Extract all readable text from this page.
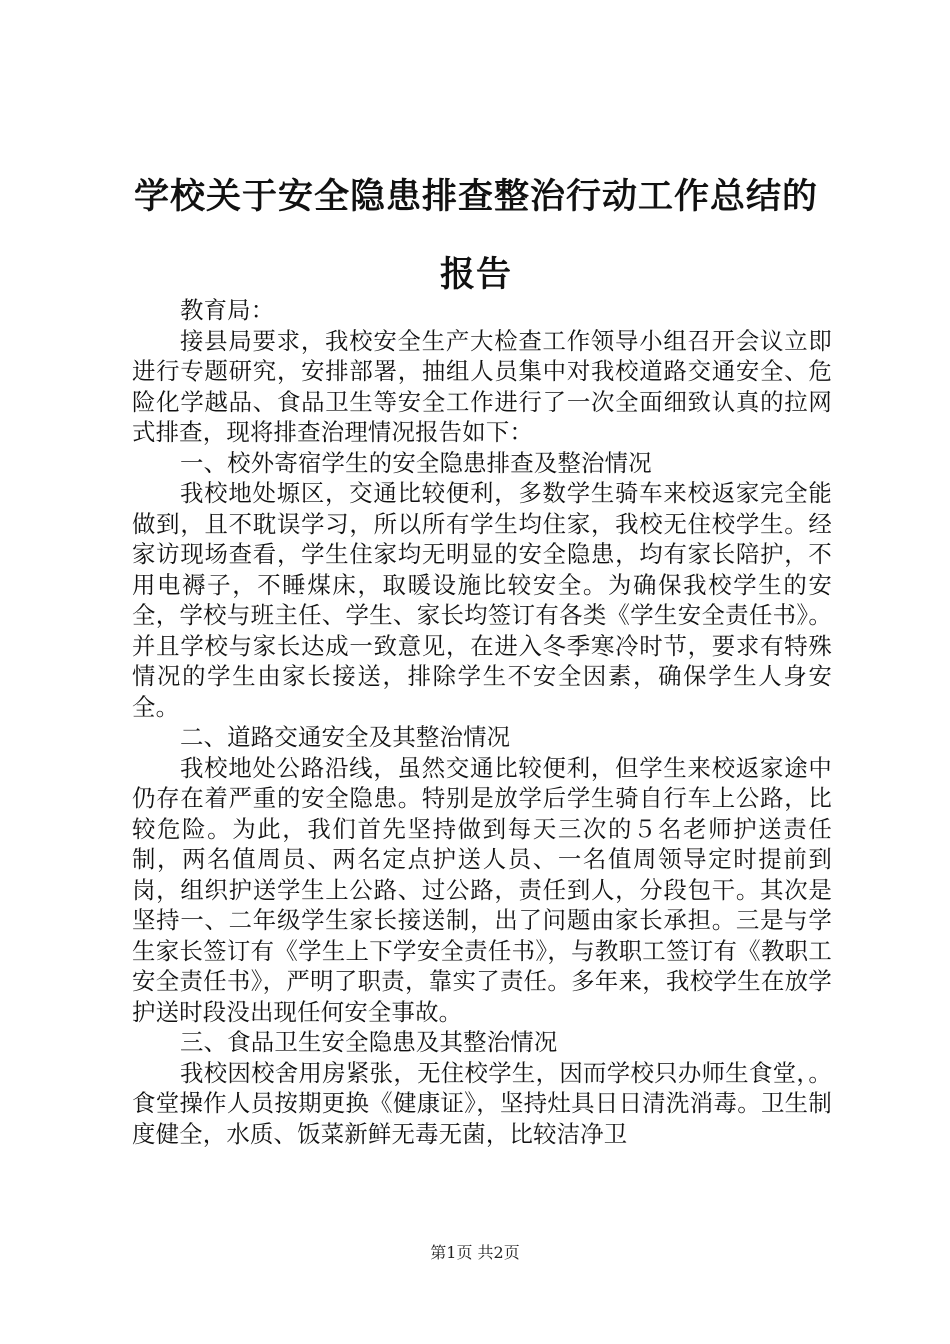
学校关于安全隐患排查整治行动工作总结的报告

教育局：

接县局要求，我校安全生产大检查工作领导小组召开会议立即进行专题研究，安排部署，抽组人员集中对我校道路交通安全、危险化学越品、食品卫生等安全工作进行了一次全面细致认真的拉网式排查，现将排查治理情况报告如下：

一、校外寄宿学生的安全隐患排查及整治情况

我校地处塬区，交通比较便利，多数学生骑车来校返家完全能做到，且不耽误学习，所以所有学生均住家，我校无住校学生。经家访现场查看，学生住家均无明显的安全隐患，均有家长陪护，不用电褥子，不睡煤床，取暖设施比较安全。为确保我校学生的安全，学校与班主任、学生、家长均签订有各类《学生安全责任书》。并且学校与家长达成一致意见，在进入冬季寒冷时节，要求有特殊情况的学生由家长接送，排除学生不安全因素，确保学生人身安全。

二、道路交通安全及其整治情况

我校地处公路沿线，虽然交通比较便利，但学生来校返家途中仍存在着严重的安全隐患。特别是放学后学生骑自行车上公路，比较危险。为此，我们首先坚持做到每天三次的５名老师护送责任制，两名值周员、两名定点护送人员、一名值周领导定时提前到岗，组织护送学生上公路、过公路，责任到人，分段包干。其次是坚持一、二年级学生家长接送制，出了问题由家长承担。三是与学生家长签订有《学生上下学安全责任书》，与教职工签订有《教职工安全责任书》，严明了职责，靠实了责任。多年来，我校学生在放学护送时段没出现任何安全事故。

三、食品卫生安全隐患及其整治情况

我校因校舍用房紧张，无住校学生，因而学校只办师生食堂，。食堂操作人员按期更换《健康证》，坚持灶具日日清洗消毒。卫生制度健全，水质、饭菜新鲜无毒无菌，比较洁净卫

第1页 共2页
